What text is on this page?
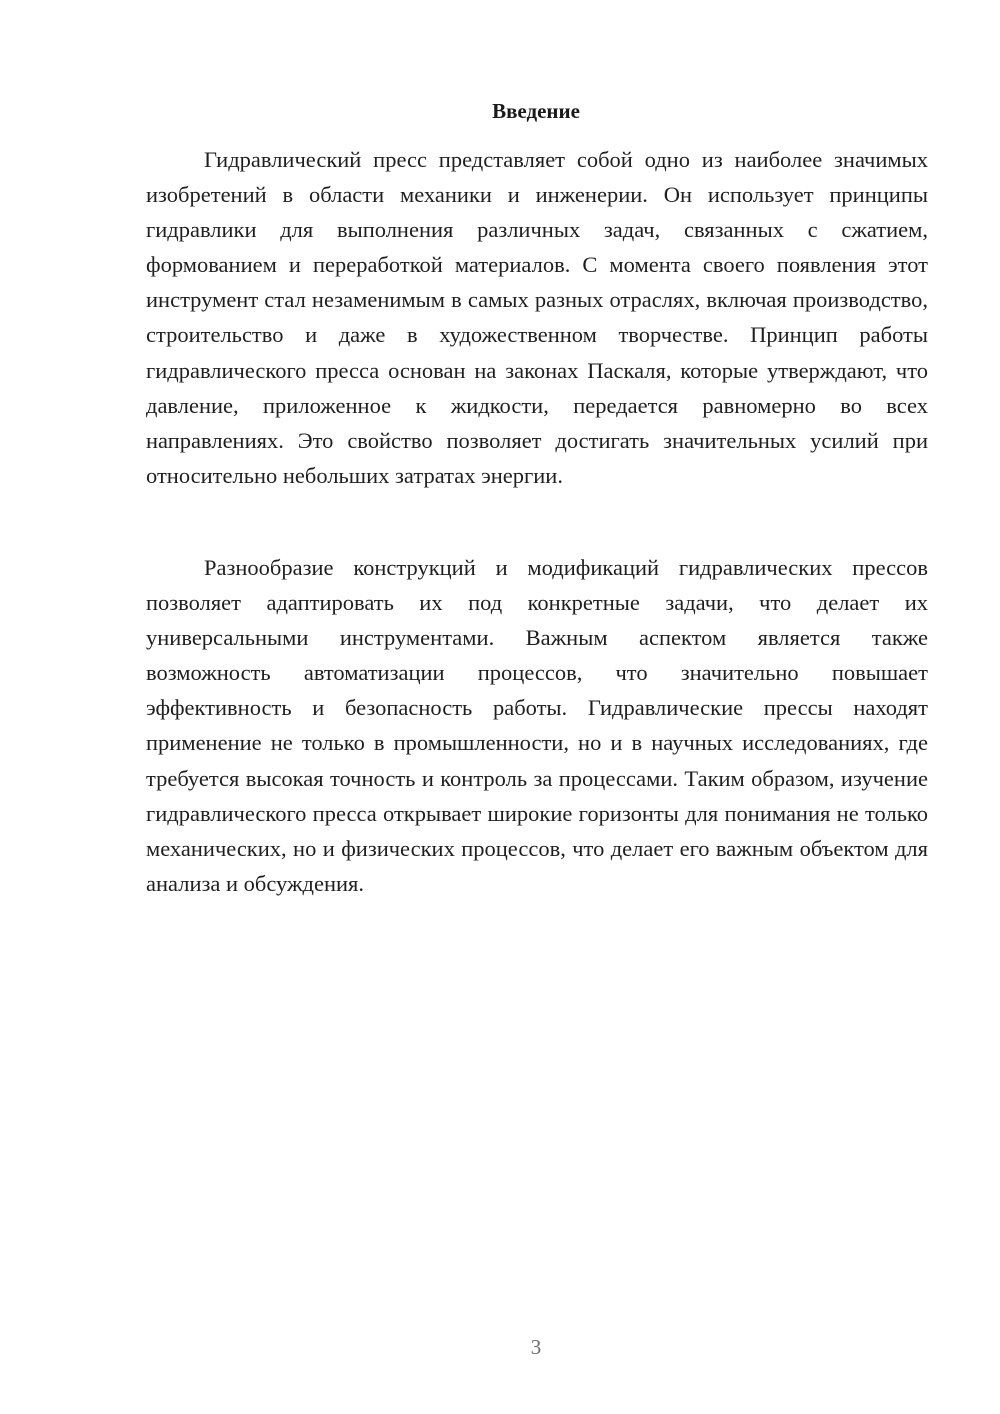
Введение

Гидравлический пресс представляет собой одно из наиболее значимых изобретений в области механики и инженерии. Он использует принципы гидравлики для выполнения различных задач, связанных с сжатием, формованием и переработкой материалов. С момента своего появления этот инструмент стал незаменимым в самых разных отраслях, включая производство, строительство и даже в художественном творчестве. Принцип работы гидравлического пресса основан на законах Паскаля, которые утверждают, что давление, приложенное к жидкости, передается равномерно во всех направлениях. Это свойство позволяет достигать значительных усилий при относительно небольших затратах энергии.

Разнообразие конструкций и модификаций гидравлических прессов позволяет адаптировать их под конкретные задачи, что делает их универсальными инструментами. Важным аспектом является также возможность автоматизации процессов, что значительно повышает эффективность и безопасность работы. Гидравлические прессы находят применение не только в промышленности, но и в научных исследованиях, где требуется высокая точность и контроль за процессами. Таким образом, изучение гидравлического пресса открывает широкие горизонты для понимания не только механических, но и физических процессов, что делает его важным объектом для анализа и обсуждения.

3
